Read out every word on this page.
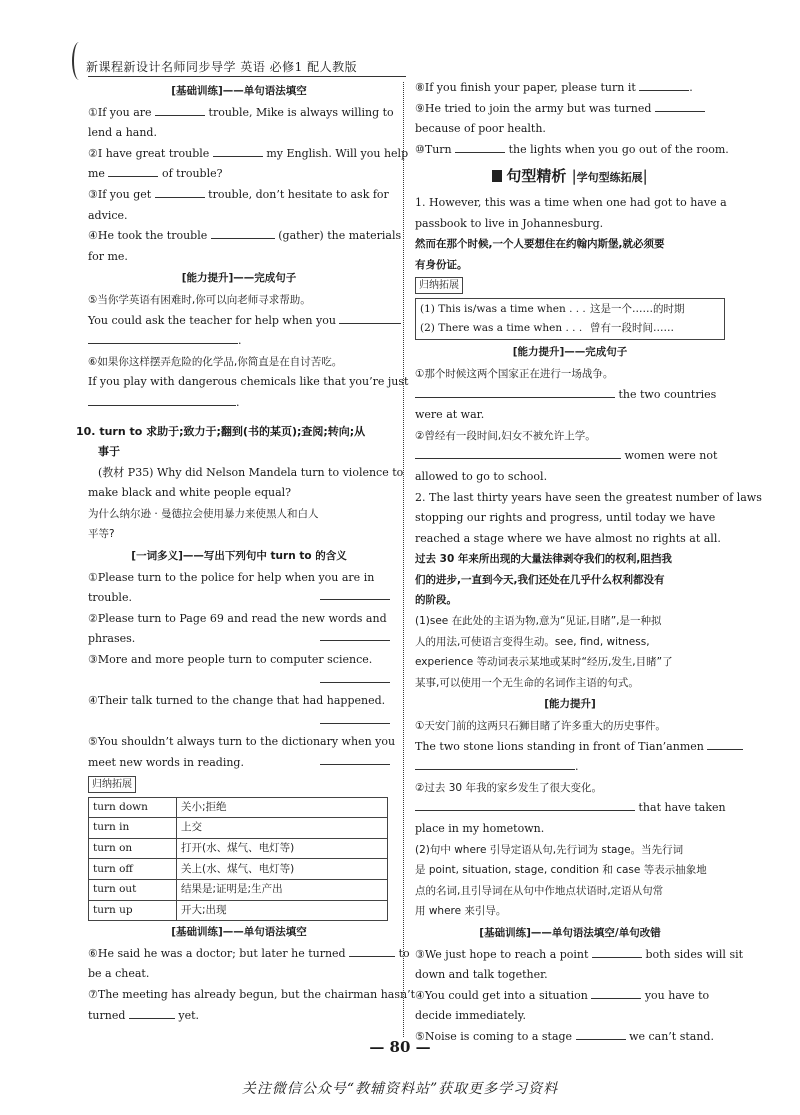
新课程新设计名师同步导学 英语 必修1 配人教版
[基础训练]——单句语法填空
①If you are	trouble, Mike is always willing to
lend a hand.
②I have great trouble	my English. Will you help
me	of trouble?
③If you get	trouble, don’t hesitate to ask for
advice.
④He took the trouble	(gather) the materials
for me.
[能力提升]——完成句子
⑤当你学英语有困难时,你可以向老师寻求帮助。
You could ask the teacher for help when you
.
⑥如果你这样摆弄危险的化学品,你简直是在自讨苦吃。
If you play with dangerous chemicals like that you’re just
.
10. turn to 求助于;致力于;翻到(书的某页);查阅;转向;从
事于
(教材 P35) Why did Nelson Mandela turn to violence to
make black and white people equal?
为什么纳尔逊 · 曼德拉会使用暴力来使黑人和白人
平等?
[一词多义]——写出下列句中 turn to 的含义
①Please turn to the police for help when you are in
trouble.
②Please turn to Page 69 and read the new words and
phrases.
③More and more people turn to computer science.

④Their talk turned to the change that had happened.

⑤You shouldn’t always turn to the dictionary when you
meet new words in reading.
归纳拓展
turn down	关小;拒绝
turn in	上交
turn on	打开(水、煤气、电灯等)
turn off	关上(水、煤气、电灯等)
turn out	结果是;证明是;生产出
turn up	开大;出现
[基础训练]——单句语法填空
⑥He said he was a doctor; but later he turned	to
be a cheat.
⑦The meeting has already begun, but the chairman hasn’t
turned	yet.
⑧If you finish your paper, please turn it	.
⑨He tried to join the army but was turned
because of poor health.
⑩Turn	the lights when you go out of the room.
句型精析 |学句型练拓展|
1. However, this was a time when one had got to have a
passbook to live in Johannesburg.
然而在那个时候,一个人要想住在约翰内斯堡,就必须要
有身份证。
归纳拓展
(1) This is/was a time when . . . 这是一个……的时期
(2) There was a time when . . . 曾有一段时间……
[能力提升]——完成句子
①那个时候这两个国家正在进行一场战争。
the two countries
were at war.
②曾经有一段时间,妇女不被允许上学。
women were not
allowed to go to school.
2. The last thirty years have seen the greatest number of laws
stopping our rights and progress, until today we have
reached a stage where we have almost no rights at all.
过去 30 年来所出现的大量法律剥夺我们的权利,阻挡我
们的进步,一直到今天,我们还处在几乎什么权利都没有
的阶段。
(1)see 在此处的主语为物,意为“见证,目睹”,是一种拟
人的用法,可使语言变得生动。see, find, witness,
experience 等动词表示某地或某时“经历,发生,目睹”了
某事,可以使用一个无生命的名词作主语的句式。
[能力提升]
①天安门前的这两只石狮目睹了许多重大的历史事件。
The two stone lions standing in front of Tian’anmen
.
②过去 30 年我的家乡发生了很大变化。
that have taken
place in my hometown.
(2)句中 where 引导定语从句,先行词为 stage。当先行词
是 point, situation, stage, condition 和 case 等表示抽象地
点的名词,且引导词在从句中作地点状语时,定语从句常
用 where 来引导。
[基础训练]——单句语法填空/单句改错
③We just hope to reach a point	both sides will sit
down and talk together.
④You could get into a situation	you have to
decide immediately.
⑤Noise is coming to a stage	we can’t stand.
— 80 —
关注微信公众号“教辅资料站”获取更多学习资料
